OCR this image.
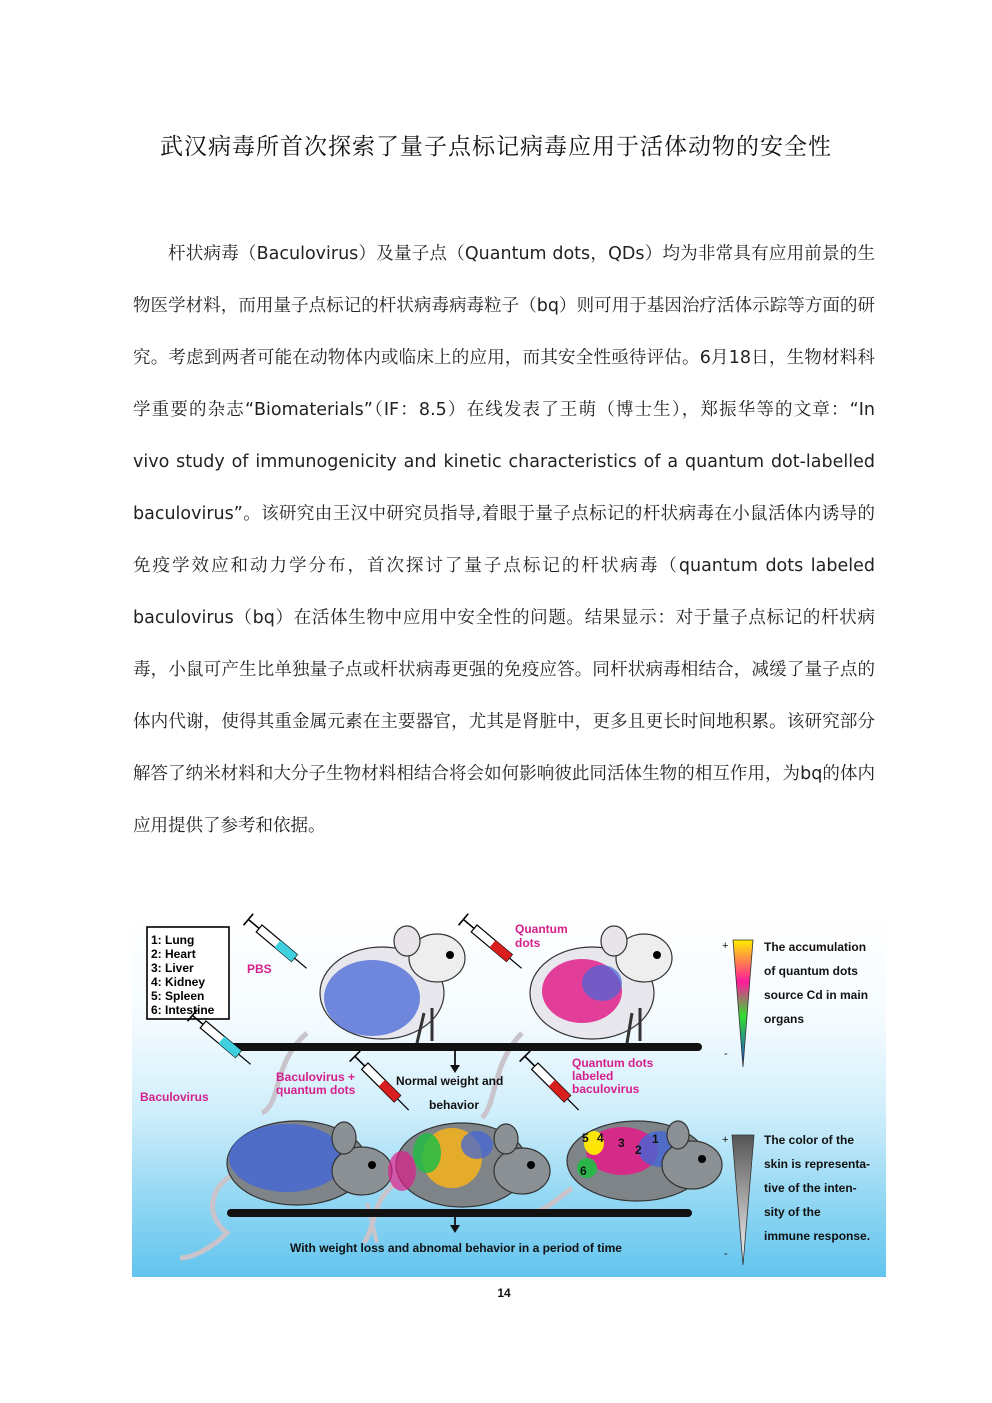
武汉病毒所首次探索了量子点标记病毒应用于活体动物的安全性

杆状病毒（Baculovirus）及量子点（Quantum dots，QDs）均为非常具有应用前景的生物医学材料，而用量子点标记的杆状病毒病毒粒子（bq）则可用于基因治疗活体示踪等方面的研究。考虑到两者可能在动物体内或临床上的应用，而其安全性亟待评估。6月18日，生物材料科学重要的杂志“Biomaterials”（IF：8.5）在线发表了王萌（博士生），郑振华等的文章：“In vivo study of immunogenicity and kinetic characteristics of a quantum dot-labelled baculovirus”。该研究由王汉中研究员指导,着眼于量子点标记的杆状病毒在小鼠活体内诱导的免疫学效应和动力学分布，首次探讨了量子点标记的杆状病毒（quantum dots labeled baculovirus（bq）在活体生物中应用中安全性的问题。结果显示：对于量子点标记的杆状病毒，小鼠可产生比单独量子点或杆状病毒更强的免疫应答。同杆状病毒相结合，减缓了量子点的体内代谢，使得其重金属元素在主要器官，尤其是肾脏中，更多且更长时间地积累。该研究部分解答了纳米材料和大分子生物材料相结合将会如何影响彼此同活体生物的相互作用，为bq的体内应用提供了参考和依据。

1: Lung
2: Heart
3: Liver
4: Kidney
5: Spleen
6: Intestine
PBS
Quantum
dots
Normal weight and
behavior
Baculovirus
Baculovirus +
quantum dots
Quantum dots
labeled
baculovirus
5 4 3 2
1
6
With weight loss and abnomal behavior in a period of time
+
-
The accumulation
of quantum dots
source Cd in main
organs
+
-
The color of the
skin is representa-
tive of the inten-
sity of the
immune response.
14
